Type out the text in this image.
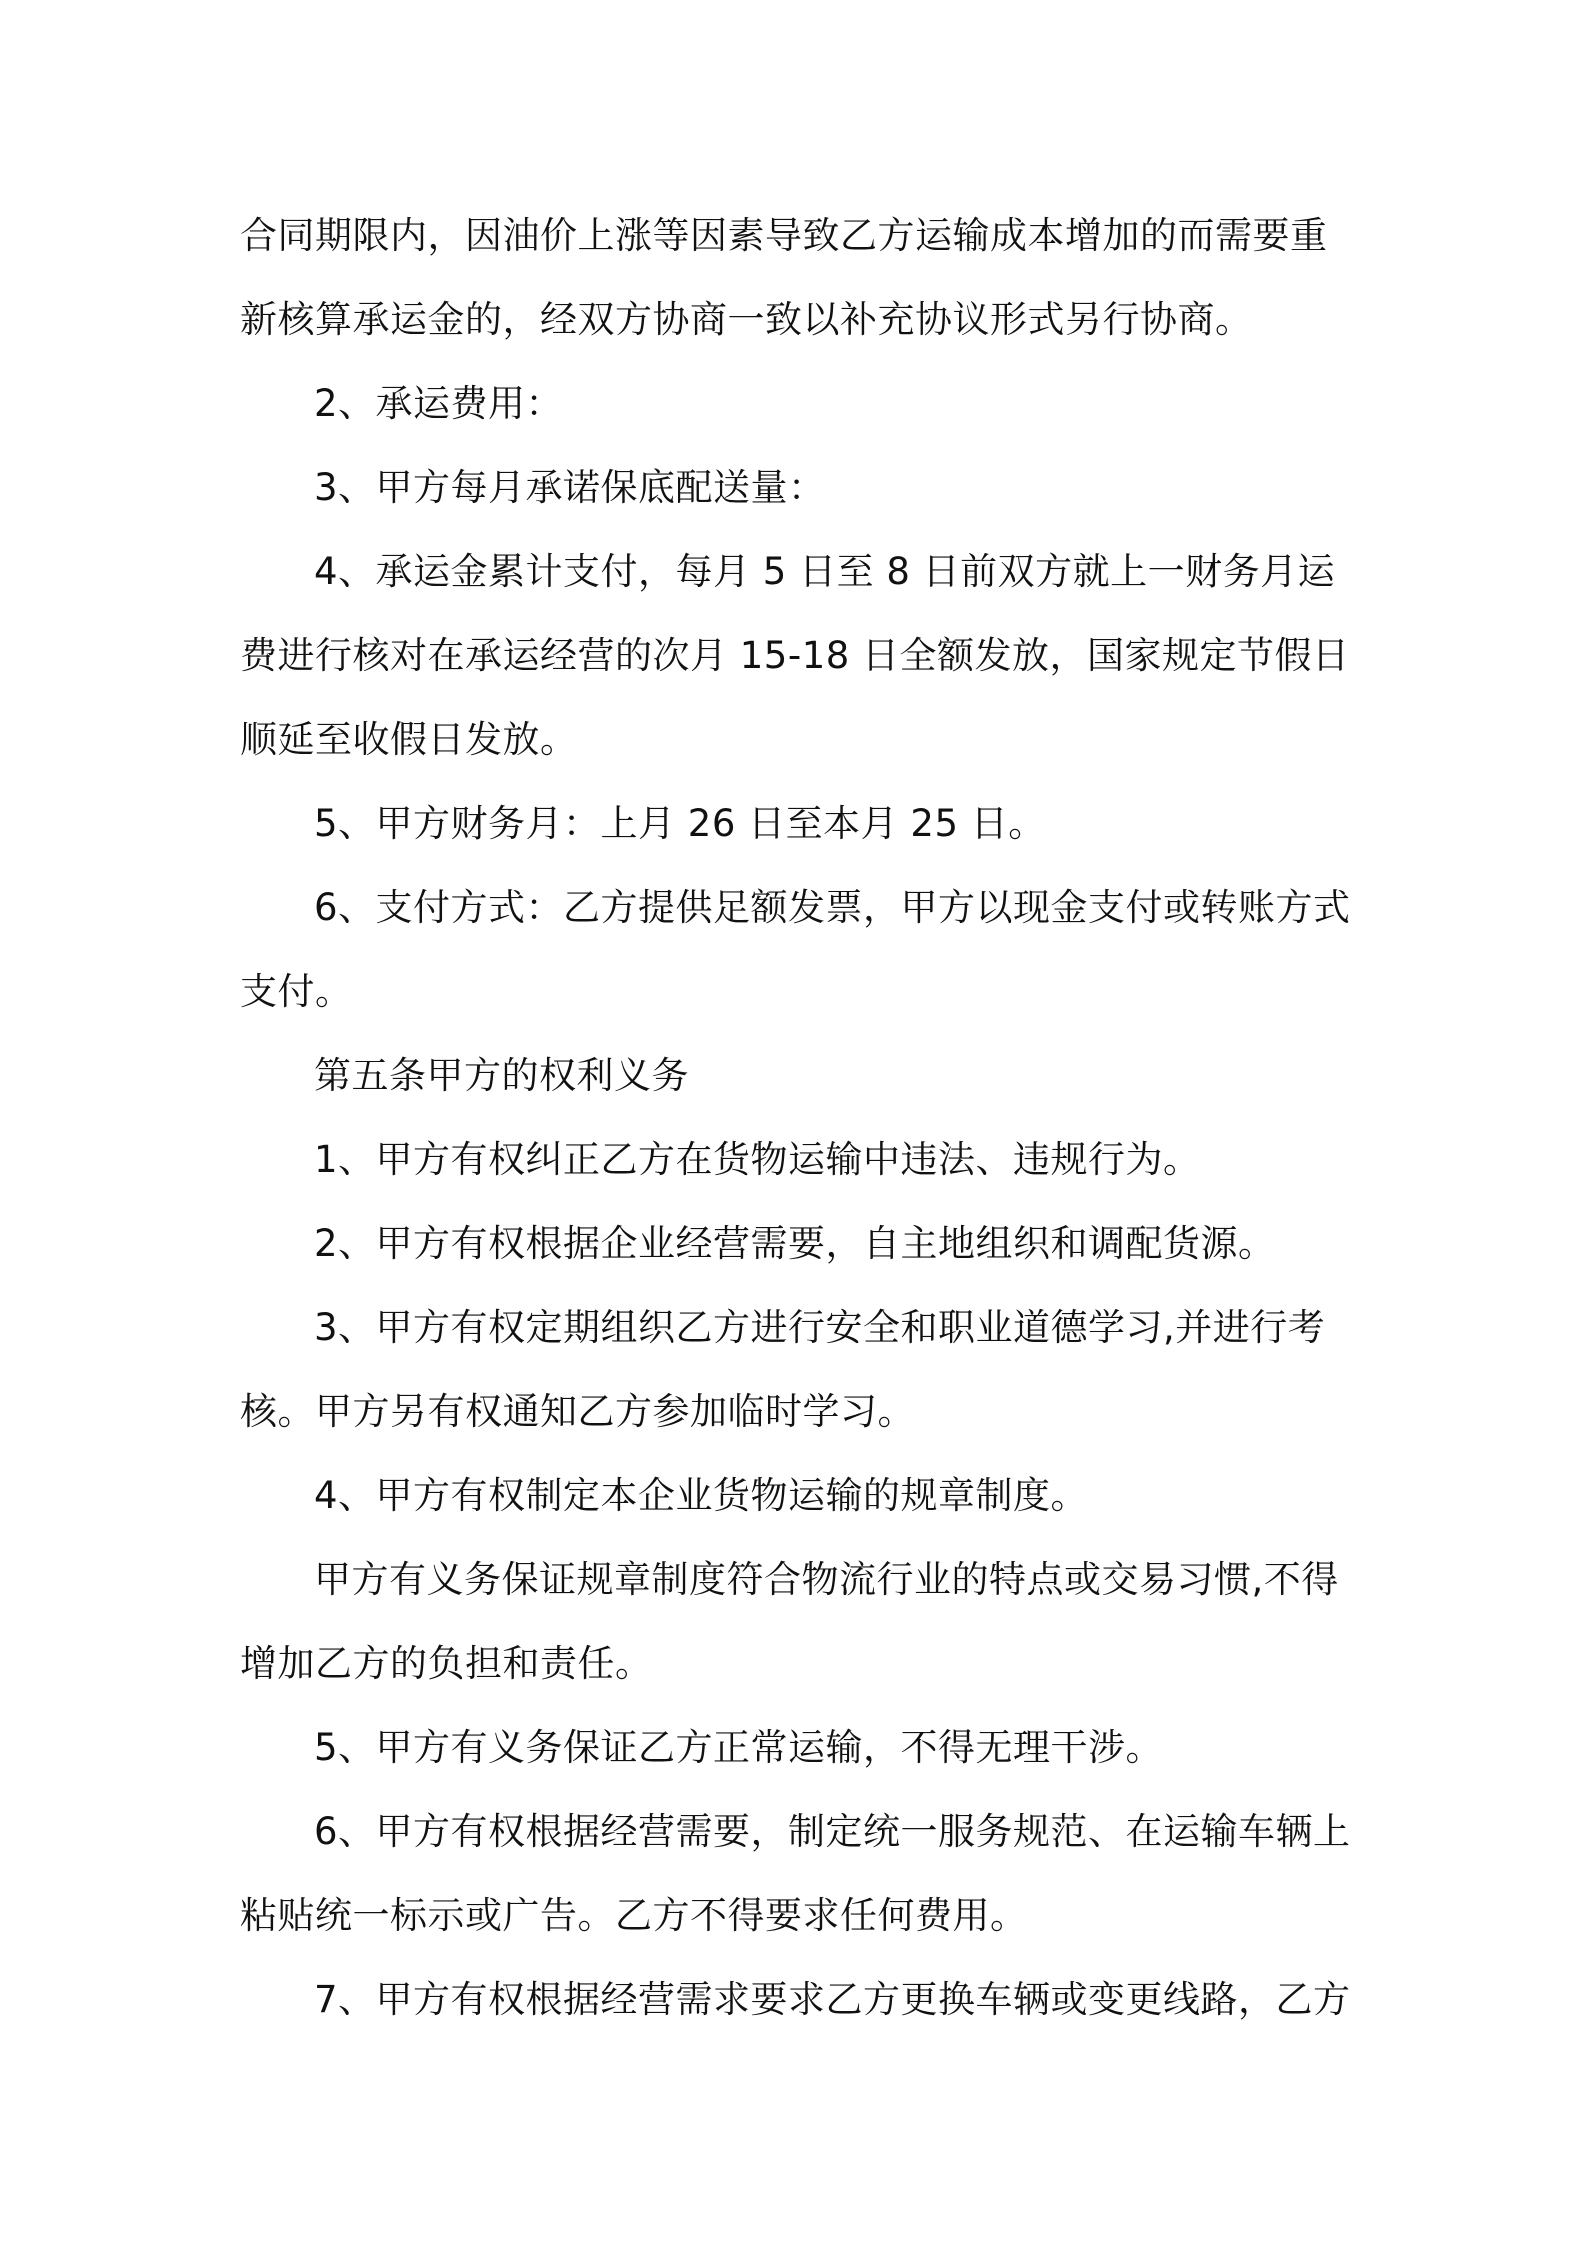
合同期限内，因油价上涨等因素导致乙方运输成本增加的而需要重新核算承运金的，经双方协商一致以补充协议形式另行协商。

2、承运费用：

3、甲方每月承诺保底配送量：

4、承运金累计支付，每月 5 日至 8 日前双方就上一财务月运费进行核对在承运经营的次月 15-18 日全额发放，国家规定节假日顺延至收假日发放。

5、甲方财务月：上月 26 日至本月 25 日。

6、支付方式：乙方提供足额发票，甲方以现金支付或转账方式支付。

第五条甲方的权利义务

1、甲方有权纠正乙方在货物运输中违法、违规行为。

2、甲方有权根据企业经营需要，自主地组织和调配货源。

3、甲方有权定期组织乙方进行安全和职业道德学习,并进行考核。甲方另有权通知乙方参加临时学习。

4、甲方有权制定本企业货物运输的规章制度。

甲方有义务保证规章制度符合物流行业的特点或交易习惯,不得增加乙方的负担和责任。

5、甲方有义务保证乙方正常运输，不得无理干涉。

6、甲方有权根据经营需要，制定统一服务规范、在运输车辆上粘贴统一标示或广告。乙方不得要求任何费用。

7、甲方有权根据经营需求要求乙方更换车辆或变更线路，乙方
